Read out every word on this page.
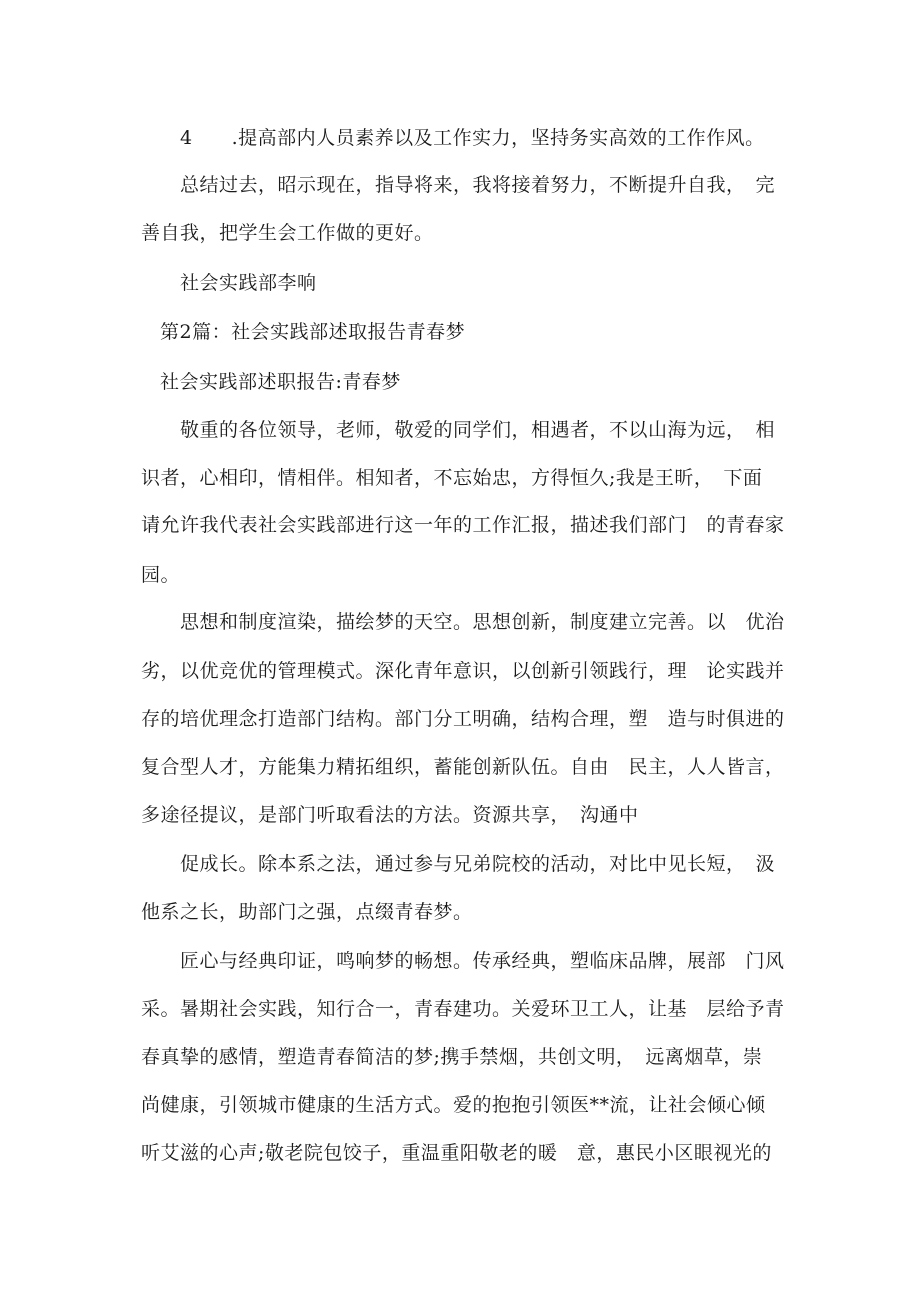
4　　.提高部内人员素养以及工作实力，坚持务实高效的工作作风。
总结过去，昭示现在，指导将来，我将接着努力，不断提升自我，　完
善自我，把学生会工作做的更好。
社会实践部李响
第2篇：社会实践部述取报告青春梦
社会实践部述职报告:青春梦
敬重的各位领导，老师，敬爱的同学们，相遇者，不以山海为远，　相
识者，心相印，情相伴。相知者，不忘始忠，方得恒久;我是王昕，　下面
请允许我代表社会实践部进行这一年的工作汇报，描述我们部门　的青春家
园。
思想和制度渲染，描绘梦的天空。思想创新，制度建立完善。以　优治
劣，以优竞优的管理模式。深化青年意识，以创新引领践行，理　论实践并
存的培优理念打造部门结构。部门分工明确，结构合理，塑　造与时俱进的
复合型人才，方能集力精拓组织，蓄能创新队伍。自由　民主，人人皆言，
多途径提议，是部门听取看法的方法。资源共享，　沟通中
促成长。除本系之法，通过参与兄弟院校的活动，对比中见长短，　汲
他系之长，助部门之强，点缀青春梦。
匠心与经典印证，鸣响梦的畅想。传承经典，塑临床品牌，展部　门风
采。暑期社会实践，知行合一，青春建功。关爱环卫工人，让基　层给予青
春真挚的感情，塑造青春简洁的梦;携手禁烟，共创文明，　远离烟草，崇
尚健康，引领城市健康的生活方式。爱的抱抱引领医**流，让社会倾心倾
听艾滋的心声;敬老院包饺子，重温重阳敬老的暖　意，惠民小区眼视光的
